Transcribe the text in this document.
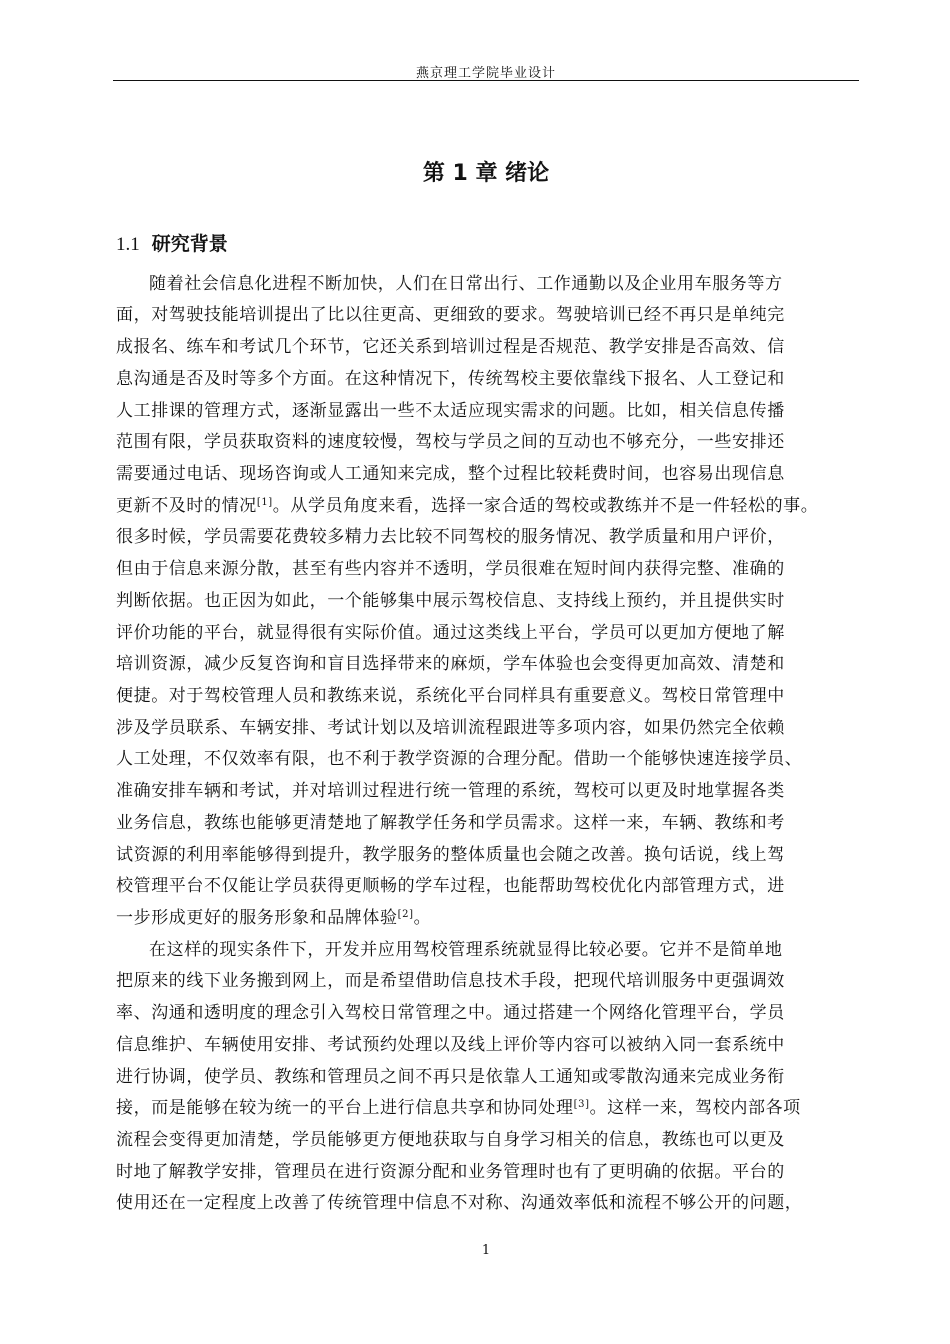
燕京理工学院毕业设计
第 1 章 绪论
1.1 研究背景
随着社会信息化进程不断加快，人们在日常出行、工作通勤以及企业用车服务等方
面，对驾驶技能培训提出了比以往更高、更细致的要求。驾驶培训已经不再只是单纯完
成报名、练车和考试几个环节，它还关系到培训过程是否规范、教学安排是否高效、信
息沟通是否及时等多个方面。在这种情况下，传统驾校主要依靠线下报名、人工登记和
人工排课的管理方式，逐渐显露出一些不太适应现实需求的问题。比如，相关信息传播
范围有限，学员获取资料的速度较慢，驾校与学员之间的互动也不够充分，一些安排还
需要通过电话、现场咨询或人工通知来完成，整个过程比较耗费时间，也容易出现信息
更新不及时的情况[1]。从学员角度来看，选择一家合适的驾校或教练并不是一件轻松的事。
很多时候，学员需要花费较多精力去比较不同驾校的服务情况、教学质量和用户评价，
但由于信息来源分散，甚至有些内容并不透明，学员很难在短时间内获得完整、准确的
判断依据。也正因为如此，一个能够集中展示驾校信息、支持线上预约，并且提供实时
评价功能的平台，就显得很有实际价值。通过这类线上平台，学员可以更加方便地了解
培训资源，减少反复咨询和盲目选择带来的麻烦，学车体验也会变得更加高效、清楚和
便捷。对于驾校管理人员和教练来说，系统化平台同样具有重要意义。驾校日常管理中
涉及学员联系、车辆安排、考试计划以及培训流程跟进等多项内容，如果仍然完全依赖
人工处理，不仅效率有限，也不利于教学资源的合理分配。借助一个能够快速连接学员、
准确安排车辆和考试，并对培训过程进行统一管理的系统，驾校可以更及时地掌握各类
业务信息，教练也能够更清楚地了解教学任务和学员需求。这样一来，车辆、教练和考
试资源的利用率能够得到提升，教学服务的整体质量也会随之改善。换句话说，线上驾
校管理平台不仅能让学员获得更顺畅的学车过程，也能帮助驾校优化内部管理方式，进
一步形成更好的服务形象和品牌体验[2]。
在这样的现实条件下，开发并应用驾校管理系统就显得比较必要。它并不是简单地
把原来的线下业务搬到网上，而是希望借助信息技术手段，把现代培训服务中更强调效
率、沟通和透明度的理念引入驾校日常管理之中。通过搭建一个网络化管理平台，学员
信息维护、车辆使用安排、考试预约处理以及线上评价等内容可以被纳入同一套系统中
进行协调，使学员、教练和管理员之间不再只是依靠人工通知或零散沟通来完成业务衔
接，而是能够在较为统一的平台上进行信息共享和协同处理[3]。这样一来，驾校内部各项
流程会变得更加清楚，学员能够更方便地获取与自身学习相关的信息，教练也可以更及
时地了解教学安排，管理员在进行资源分配和业务管理时也有了更明确的依据。平台的
使用还在一定程度上改善了传统管理中信息不对称、沟通效率低和流程不够公开的问题，
1
